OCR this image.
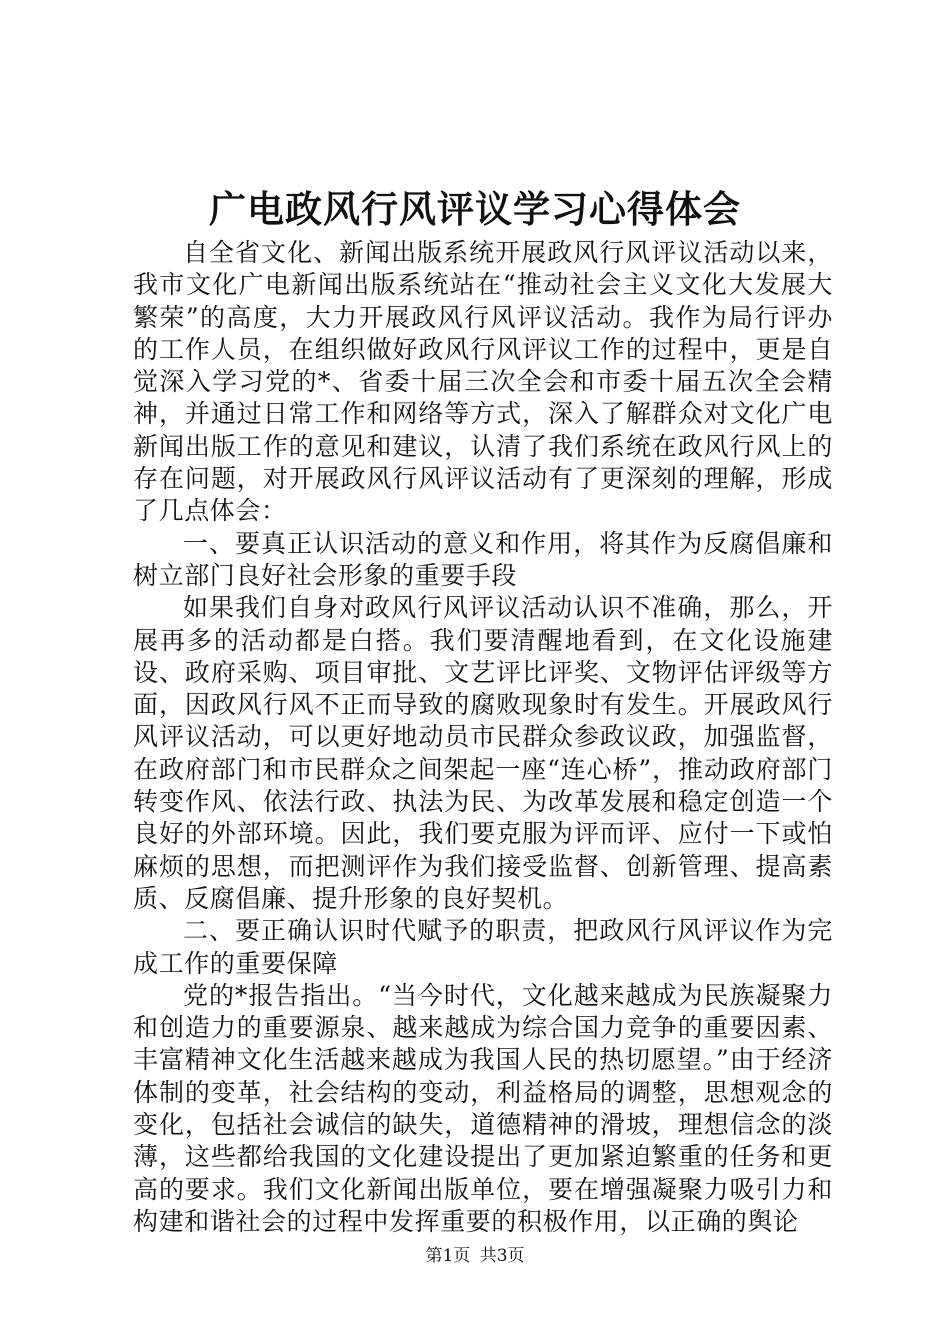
广电政风行风评议学习心得体会

自全省文化、新闻出版系统开展政风行风评议活动以来，我市文化广电新闻出版系统站在“推动社会主义文化大发展大繁荣”的高度，大力开展政风行风评议活动。我作为局行评办的工作人员，在组织做好政风行风评议工作的过程中，更是自觉深入学习党的*、省委十届三次全会和市委十届五次全会精神，并通过日常工作和网络等方式，深入了解群众对文化广电新闻出版工作的意见和建议，认清了我们系统在政风行风上的存在问题，对开展政风行风评议活动有了更深刻的理解，形成了几点体会：

一、要真正认识活动的意义和作用，将其作为反腐倡廉和树立部门良好社会形象的重要手段

如果我们自身对政风行风评议活动认识不准确，那么，开展再多的活动都是白搭。我们要清醒地看到，在文化设施建设、政府采购、项目审批、文艺评比评奖、文物评估评级等方面，因政风行风不正而导致的腐败现象时有发生。开展政风行风评议活动，可以更好地动员市民群众参政议政，加强监督，在政府部门和市民群众之间架起一座“连心桥”，推动政府部门转变作风、依法行政、执法为民、为改革发展和稳定创造一个良好的外部环境。因此，我们要克服为评而评、应付一下或怕麻烦的思想，而把测评作为我们接受监督、创新管理、提高素质、反腐倡廉、提升形象的良好契机。

二、要正确认识时代赋予的职责，把政风行风评议作为完成工作的重要保障

党的*报告指出。“当今时代，文化越来越成为民族凝聚力和创造力的重要源泉、越来越成为综合国力竞争的重要因素、丰富精神文化生活越来越成为我国人民的热切愿望。”由于经济体制的变革，社会结构的变动，利益格局的调整，思想观念的变化，包括社会诚信的缺失，道德精神的滑坡，理想信念的淡薄，这些都给我国的文化建设提出了更加紧迫繁重的任务和更高的要求。我们文化新闻出版单位，要在增强凝聚力吸引力和构建和谐社会的过程中发挥重要的积极作用，以正确的舆论

第1页 共3页
